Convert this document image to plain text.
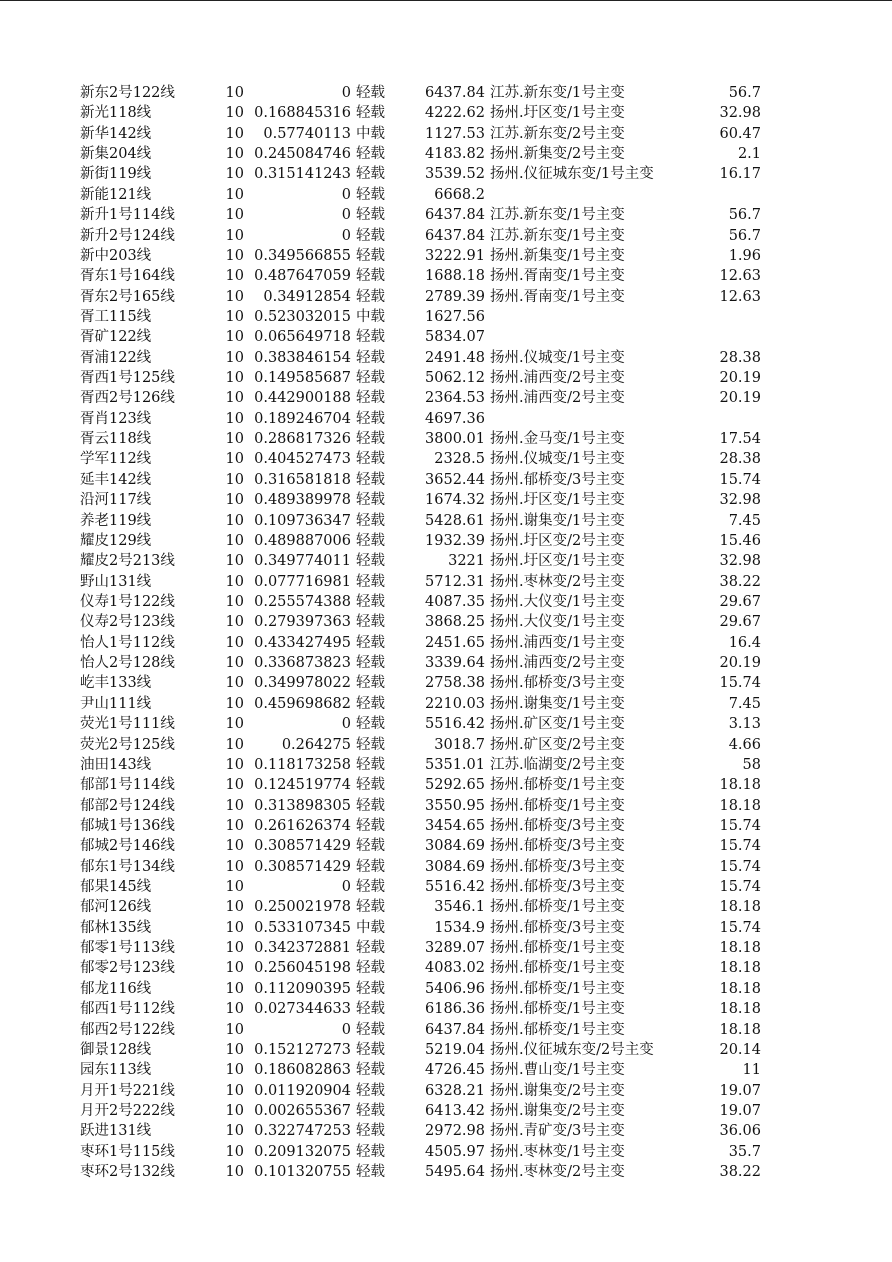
新东2号122线	10	0 轻载	6437.84 江苏.新东变/1号主变	56.7
新光118线	10 0.168845316 轻载	4222.62 扬州.圩区变/1号主变	32.98
新华142线	10	0.57740113 中载	1127.53 江苏.新东变/2号主变	60.47
新集204线	10 0.245084746 轻载	4183.82 扬州.新集变/2号主变	2.1
新街119线	10 0.315141243 轻载	3539.52 扬州.仪征城东变/1号主变	16.17
新能121线	10	0 轻载	6668.2
新升1号114线	10	0 轻载	6437.84 江苏.新东变/1号主变	56.7
新升2号124线	10	0 轻载	6437.84 江苏.新东变/1号主变	56.7
新中203线	10 0.349566855 轻载	3222.91 扬州.新集变/1号主变	1.96
胥东1号164线	10 0.487647059 轻载	1688.18 扬州.胥南变/1号主变	12.63
胥东2号165线	10	0.34912854 轻载	2789.39 扬州.胥南变/1号主变	12.63
胥工115线	10 0.523032015 中载	1627.56
胥矿122线	10 0.065649718 轻载	5834.07
胥浦122线	10 0.383846154 轻载	2491.48 扬州.仪城变/1号主变	28.38
胥西1号125线	10 0.149585687 轻载	5062.12 扬州.浦西变/2号主变	20.19
胥西2号126线	10 0.442900188 轻载	2364.53 扬州.浦西变/2号主变	20.19
胥肖123线	10 0.189246704 轻载	4697.36
胥云118线	10 0.286817326 轻载	3800.01 扬州.金马变/1号主变	17.54
学军112线	10 0.404527473 轻载	2328.5 扬州.仪城变/1号主变	28.38
延丰142线	10 0.316581818 轻载	3652.44 扬州.郁桥变/3号主变	15.74
沿河117线	10 0.489389978 轻载	1674.32 扬州.圩区变/1号主变	32.98
养老119线	10 0.109736347 轻载	5428.61 扬州.谢集变/1号主变	7.45
耀皮129线	10 0.489887006 轻载	1932.39 扬州.圩区变/2号主变	15.46
耀皮2号213线	10 0.349774011 轻载	3221 扬州.圩区变/1号主变	32.98
野山131线	10 0.077716981 轻载	5712.31 扬州.枣林变/2号主变	38.22
仪寿1号122线	10 0.255574388 轻载	4087.35 扬州.大仪变/1号主变	29.67
仪寿2号123线	10 0.279397363 轻载	3868.25 扬州.大仪变/1号主变	29.67
怡人1号112线	10 0.433427495 轻载	2451.65 扬州.浦西变/1号主变	16.4
怡人2号128线	10 0.336873823 轻载	3339.64 扬州.浦西变/2号主变	20.19
屹丰133线	10 0.349978022 轻载	2758.38 扬州.郁桥变/3号主变	15.74
尹山111线	10 0.459698682 轻载	2210.03 扬州.谢集变/1号主变	7.45
荧光1号111线	10	0 轻载	5516.42 扬州.矿区变/1号主变	3.13
荧光2号125线	10	0.264275 轻载	3018.7 扬州.矿区变/2号主变	4.66
油田143线	10 0.118173258 轻载	5351.01 江苏.临湖变/2号主变	58
郁部1号114线	10 0.124519774 轻载	5292.65 扬州.郁桥变/1号主变	18.18
郁部2号124线	10 0.313898305 轻载	3550.95 扬州.郁桥变/1号主变	18.18
郁城1号136线	10 0.261626374 轻载	3454.65 扬州.郁桥变/3号主变	15.74
郁城2号146线	10 0.308571429 轻载	3084.69 扬州.郁桥变/3号主变	15.74
郁东1号134线	10 0.308571429 轻载	3084.69 扬州.郁桥变/3号主变	15.74
郁果145线	10	0 轻载	5516.42 扬州.郁桥变/3号主变	15.74
郁河126线	10 0.250021978 轻载	3546.1 扬州.郁桥变/1号主变	18.18
郁林135线	10 0.533107345 中载	1534.9 扬州.郁桥变/3号主变	15.74
郁零1号113线	10 0.342372881 轻载	3289.07 扬州.郁桥变/1号主变	18.18
郁零2号123线	10 0.256045198 轻载	4083.02 扬州.郁桥变/1号主变	18.18
郁龙116线	10 0.112090395 轻载	5406.96 扬州.郁桥变/1号主变	18.18
郁西1号112线	10 0.027344633 轻载	6186.36 扬州.郁桥变/1号主变	18.18
郁西2号122线	10	0 轻载	6437.84 扬州.郁桥变/1号主变	18.18
御景128线	10 0.152127273 轻载	5219.04 扬州.仪征城东变/2号主变	20.14
园东113线	10 0.186082863 轻载	4726.45 扬州.曹山变/1号主变	11
月开1号221线	10 0.011920904 轻载	6328.21 扬州.谢集变/2号主变	19.07
月开2号222线	10 0.002655367 轻载	6413.42 扬州.谢集变/2号主变	19.07
跃进131线	10 0.322747253 轻载	2972.98 扬州.青矿变/3号主变	36.06
枣环1号115线	10 0.209132075 轻载	4505.97 扬州.枣林变/1号主变	35.7
枣环2号132线	10 0.101320755 轻载	5495.64 扬州.枣林变/2号主变	38.22
